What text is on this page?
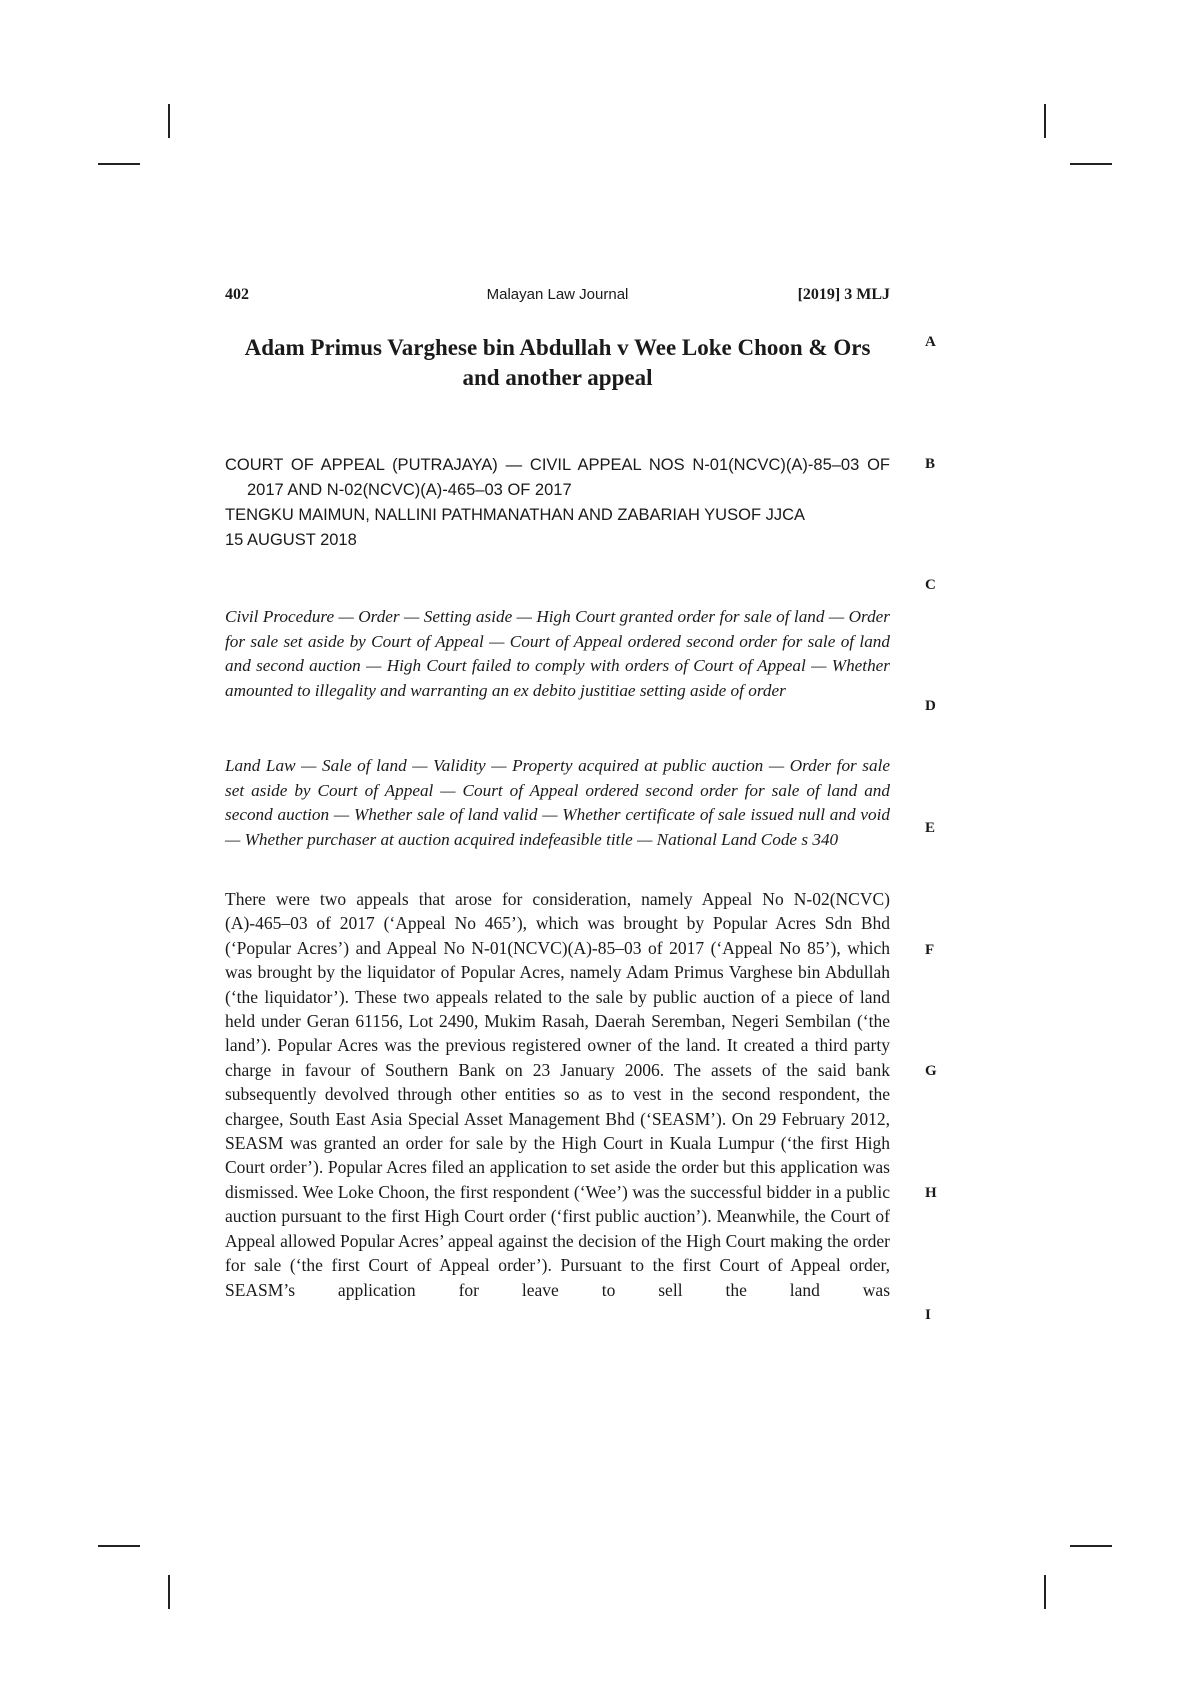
402	Malayan Law Journal	[2019] 3 MLJ
Adam Primus Varghese bin Abdullah v Wee Loke Choon & Ors and another appeal

COURT OF APPEAL (PUTRAJAYA) — CIVIL APPEAL NOS N-01(NCVC)(A)-85–03 OF 2017 AND N-02(NCVC)(A)-465–03 OF 2017

TENGKU MAIMUN, NALLINI PATHMANATHAN AND ZABARIAH YUSOF JJCA

15 AUGUST 2018

Civil Procedure — Order — Setting aside — High Court granted order for sale of land — Order for sale set aside by Court of Appeal — Court of Appeal ordered second order for sale of land and second auction — High Court failed to comply with orders of Court of Appeal — Whether amounted to illegality and warranting an ex debito justitiae setting aside of order

Land Law — Sale of land — Validity — Property acquired at public auction — Order for sale set aside by Court of Appeal — Court of Appeal ordered second order for sale of land and second auction — Whether sale of land valid — Whether certificate of sale issued null and void — Whether purchaser at auction acquired indefeasible title — National Land Code s 340

There were two appeals that arose for consideration, namely Appeal No N-02(NCVC)(A)-465–03 of 2017 (‘Appeal No 465’), which was brought by Popular Acres Sdn Bhd (‘Popular Acres’) and Appeal No N-01(NCVC)(A)-85–03 of 2017 (‘Appeal No 85’), which was brought by the liquidator of Popular Acres, namely Adam Primus Varghese bin Abdullah (‘the liquidator’). These two appeals related to the sale by public auction of a piece of land held under Geran 61156, Lot 2490, Mukim Rasah, Daerah Seremban, Negeri Sembilan (‘the land’). Popular Acres was the previous registered owner of the land. It created a third party charge in favour of Southern Bank on 23 January 2006. The assets of the said bank subsequently devolved through other entities so as to vest in the second respondent, the chargee, South East Asia Special Asset Management Bhd (‘SEASM’). On 29 February 2012, SEASM was granted an order for sale by the High Court in Kuala Lumpur (‘the first High Court order’). Popular Acres filed an application to set aside the order but this application was dismissed. Wee Loke Choon, the first respondent (‘Wee’) was the successful bidder in a public auction pursuant to the first High Court order (‘first public auction’). Meanwhile, the Court of Appeal allowed Popular Acres’ appeal against the decision of the High Court making the order for sale (‘the first Court of Appeal order’). Pursuant to the first Court of Appeal order, SEASM’s application for leave to sell the land was

A
B
C
D
E
F
G
H
I
